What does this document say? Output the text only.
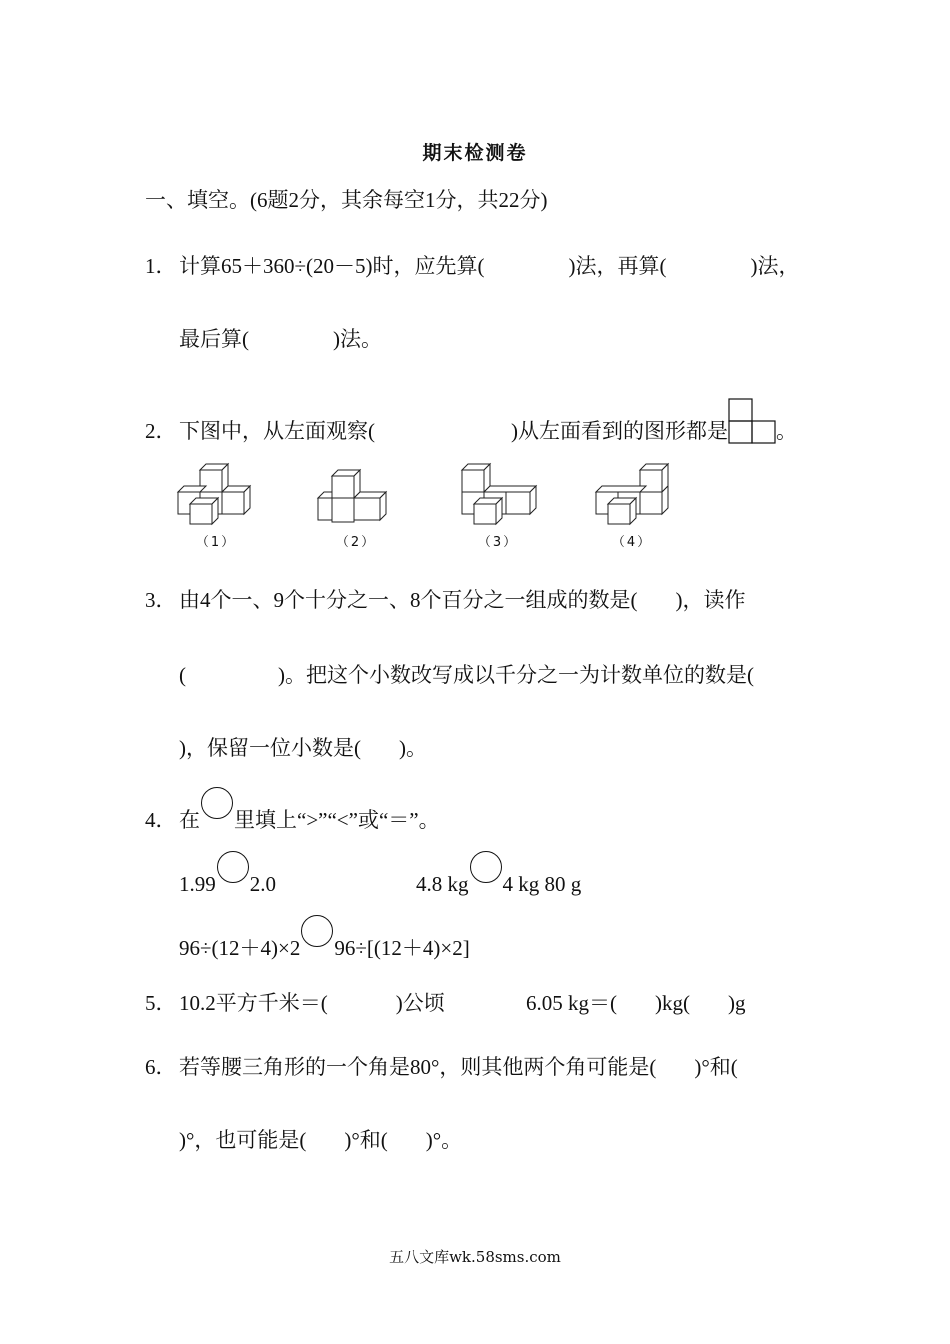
期末检测卷
一、填空。(6题2分，其余每空1分，共22分)
1． 计算65＋360÷(20－5)时，应先算(	)法，再算(	)法，
最后算(	)法。
2． 下图中，从左面观察(	)从左面看到的图形都是 。
（1）	（2）	（3）	（4）
3． 由4个一、9个十分之一、8个百分之一组成的数是( )，读作
(	)。把这个小数改写成以千分之一为计数单位的数是(
)，保留一位小数是( )。
4． 在 里填上“>”“<”或“＝”。
1.99 2.0	4.8 kg 4 kg 80 g
96÷(12＋4)×2 96÷[(12＋4)×2]
5． 10.2平方千米＝(	)公顷	6.05 kg＝( )kg( )g
6． 若等腰三角形的一个角是80°，则其他两个角可能是( )°和(
)°，也可能是( )°和( )°。
五八文库wk.58sms.com
